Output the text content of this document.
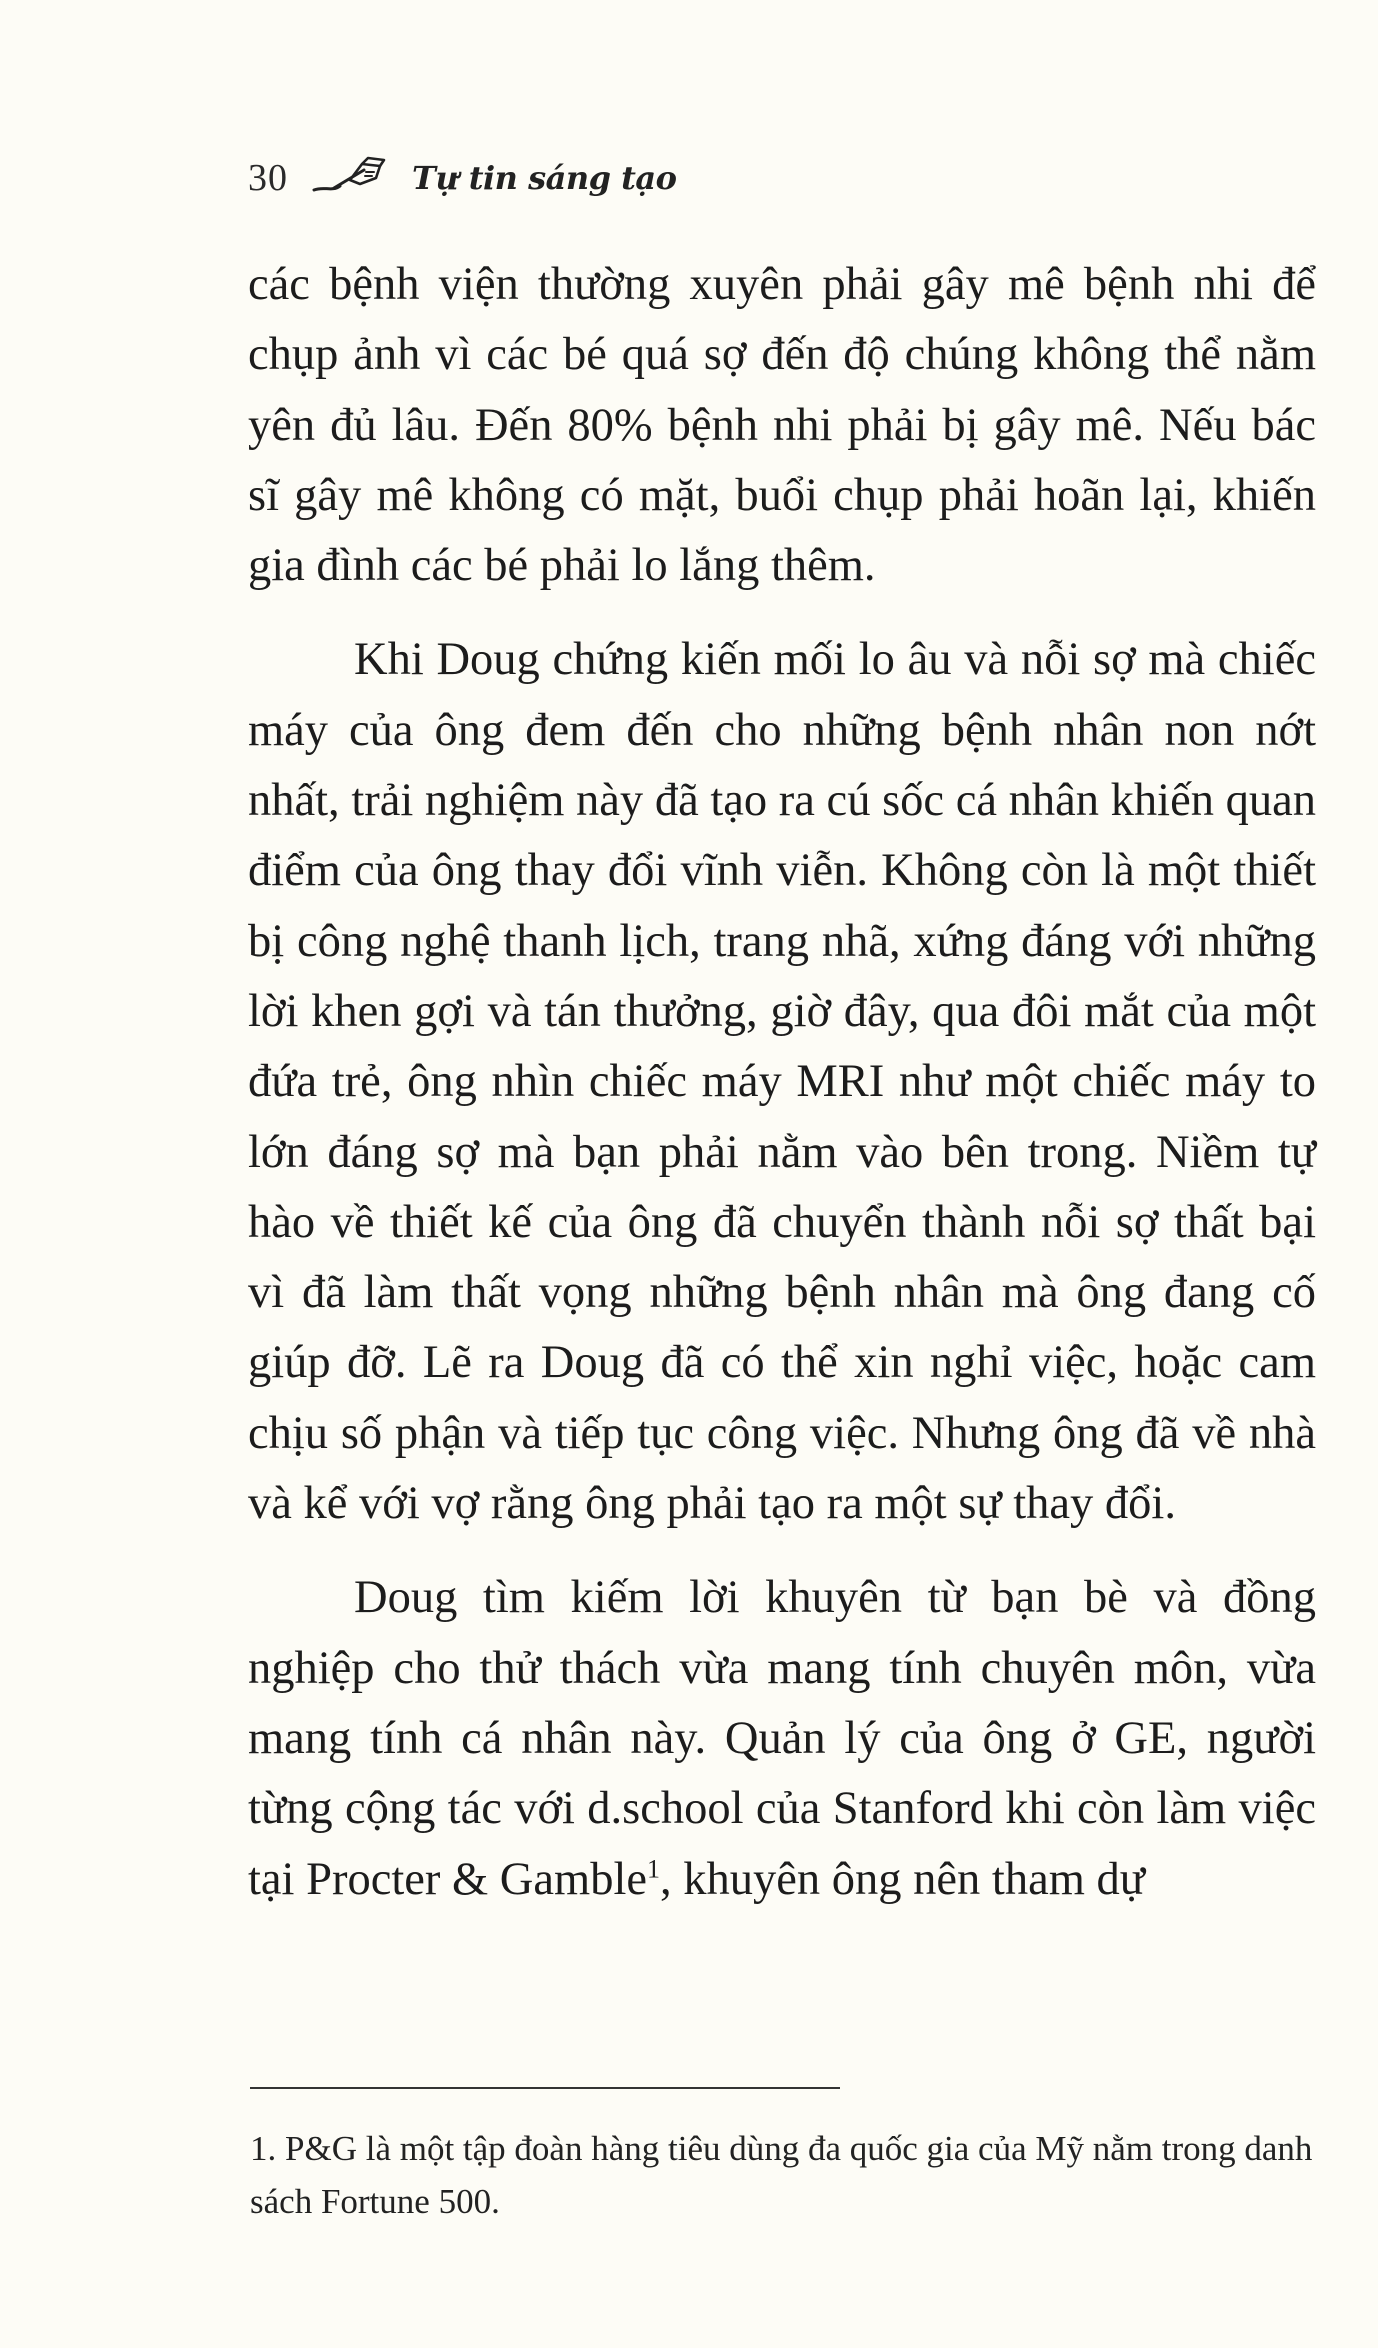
30	Tự tin sáng tạo

các bệnh viện thường xuyên phải gây mê bệnh nhi để chụp ảnh vì các bé quá sợ đến độ chúng không thể nằm yên đủ lâu. Đến 80% bệnh nhi phải bị gây mê. Nếu bác sĩ gây mê không có mặt, buổi chụp phải hoãn lại, khiến gia đình các bé phải lo lắng thêm.

Khi Doug chứng kiến mối lo âu và nỗi sợ mà chiếc máy của ông đem đến cho những bệnh nhân non nớt nhất, trải nghiệm này đã tạo ra cú sốc cá nhân khiến quan điểm của ông thay đổi vĩnh viễn. Không còn là một thiết bị công nghệ thanh lịch, trang nhã, xứng đáng với những lời khen gợi và tán thưởng, giờ đây, qua đôi mắt của một đứa trẻ, ông nhìn chiếc máy MRI như một chiếc máy to lớn đáng sợ mà bạn phải nằm vào bên trong. Niềm tự hào về thiết kế của ông đã chuyển thành nỗi sợ thất bại vì đã làm thất vọng những bệnh nhân mà ông đang cố giúp đỡ. Lẽ ra Doug đã có thể xin nghỉ việc, hoặc cam chịu số phận và tiếp tục công việc. Nhưng ông đã về nhà và kể với vợ rằng ông phải tạo ra một sự thay đổi.

Doug tìm kiếm lời khuyên từ bạn bè và đồng nghiệp cho thử thách vừa mang tính chuyên môn, vừa mang tính cá nhân này. Quản lý của ông ở GE, người từng cộng tác với d.school của Stanford khi còn làm việc tại Procter & Gamble$^1$, khuyên ông nên tham dự

1. P&G là một tập đoàn hàng tiêu dùng đa quốc gia của Mỹ nằm trong danh sách Fortune 500.
